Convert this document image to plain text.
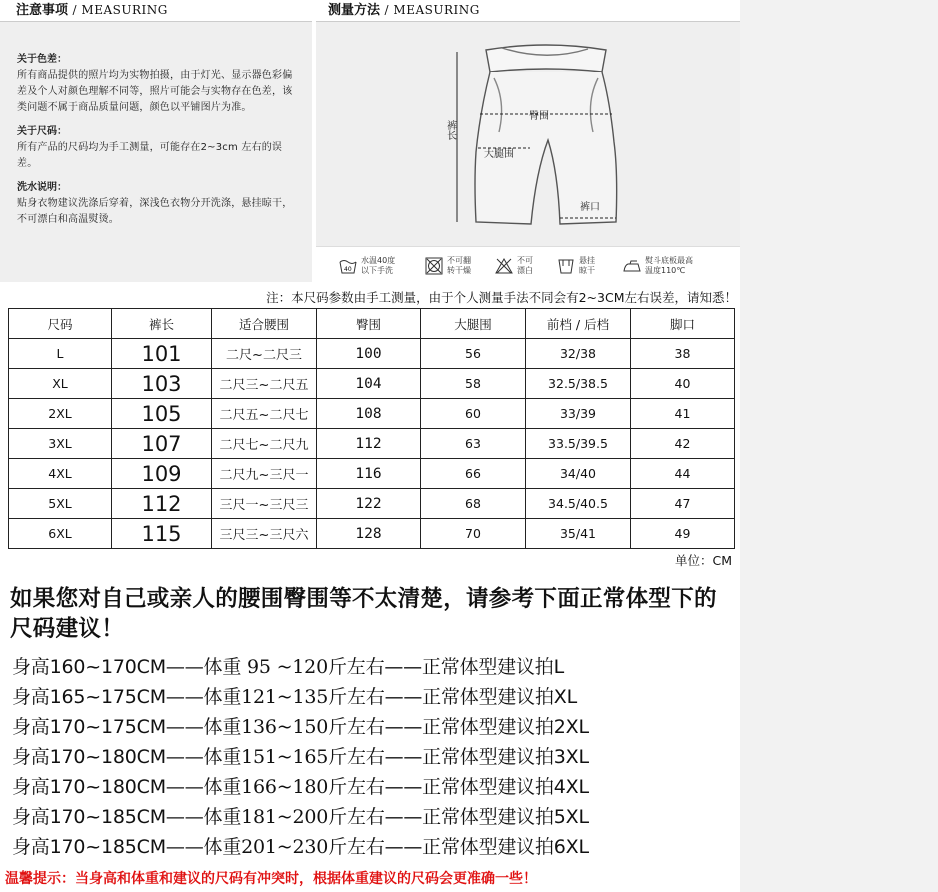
注意事项 / MEASURING
关于色差：

所有商品提供的照片均为实物拍摄，由于灯光、显示器色彩偏差及个人对颜色理解不同等，照片可能会与实物存在色差，该类问题不属于商品质量问题，颜色以平铺图片为准。

关于尺码：

所有产品的尺码均为手工测量，可能存在2~3cm 左右的误差。

洗水说明：

贴身衣物建议洗涤后穿着，深浅色衣物分开洗涤，悬挂晾干，不可漂白和高温熨烫。

测量方法 / MEASURING
裤长
臀围
大腿围
裤口
40
水温40度
以下手洗
不可翻
转干燥
不可
漂白
悬挂
晾干
熨斗底板最高
温度110℃
注：本尺码参数由手工测量，由于个人测量手法不同会有2~3CM左右误差，请知悉！
尺码	裤长	适合腰围	臀围	大腿围	前档 / 后档	脚口
L	101	二尺~二尺三	100	56	32/38	38
XL	103	二尺三~二尺五	104	58	32.5/38.5	40
2XL	105	二尺五~二尺七	108	60	33/39	41
3XL	107	二尺七~二尺九	112	63	33.5/39.5	42
4XL	109	二尺九~三尺一	116	66	34/40	44
5XL	112	三尺一~三尺三	122	68	34.5/40.5	47
6XL	115	三尺三~三尺六	128	70	35/41	49
单位：CM
如果您对自己或亲人的腰围臀围等不太清楚，请参考下面正常体型下的尺码建议！
身高160~170CM——体重 95 ~120斤左右——正常体型建议拍L
身高165~175CM——体重121~135斤左右——正常体型建议拍XL
身高170~175CM——体重136~150斤左右——正常体型建议拍2XL
身高170~180CM——体重151~165斤左右——正常体型建议拍3XL
身高170~180CM——体重166~180斤左右——正常体型建议拍4XL
身高170~185CM——体重181~200斤左右——正常体型建议拍5XL
身高170~185CM——体重201~230斤左右——正常体型建议拍6XL
温馨提示：当身高和体重和建议的尺码有冲突时，根据体重建议的尺码会更准确一些！
